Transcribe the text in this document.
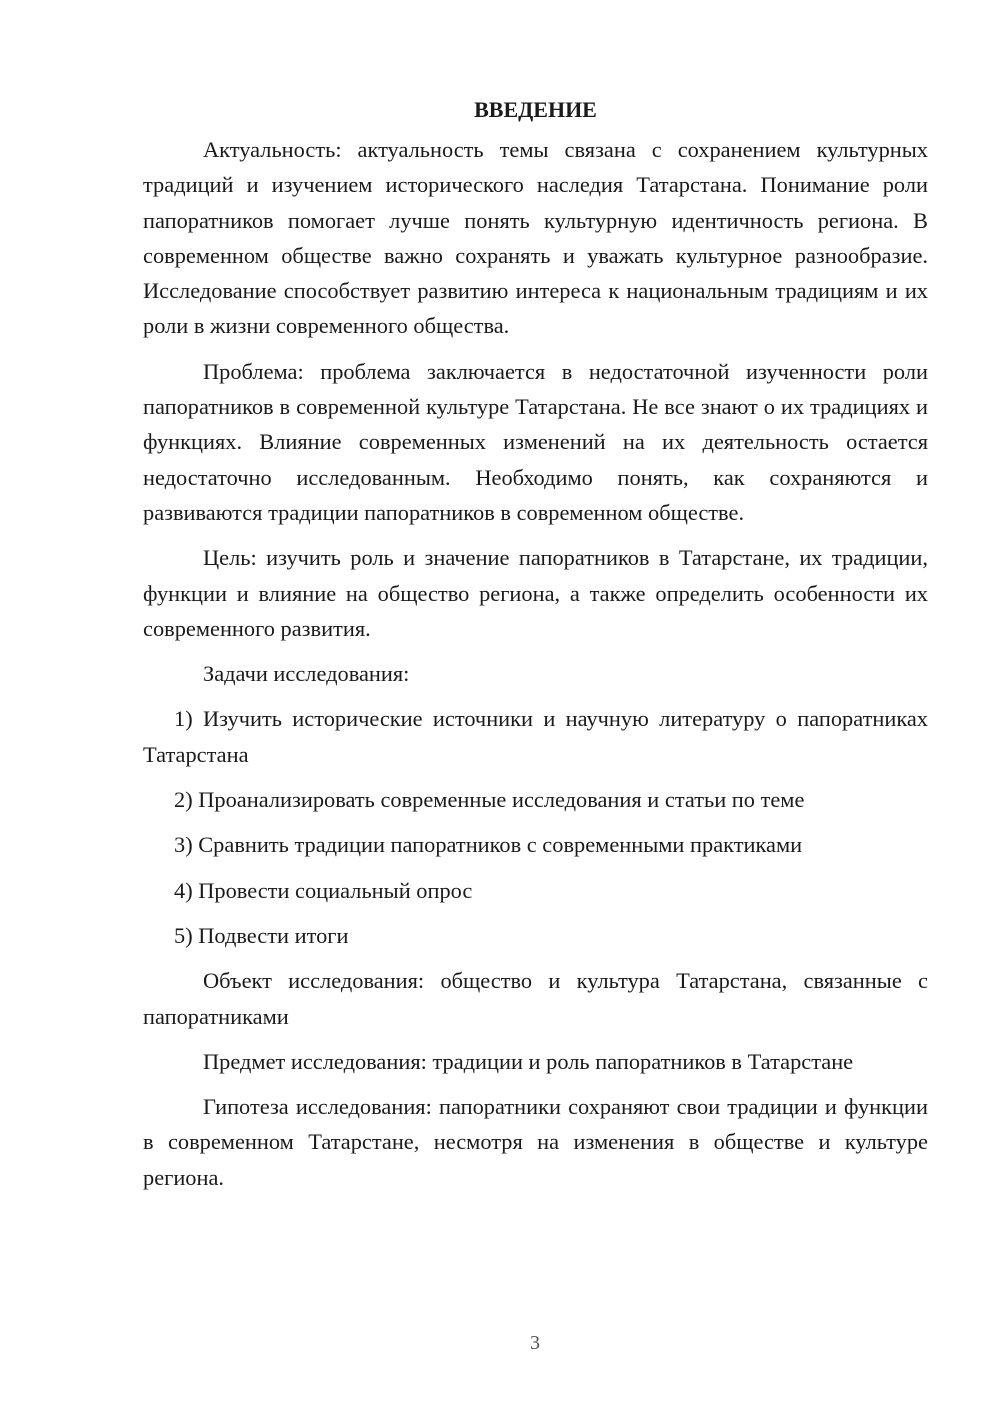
ВВЕДЕНИЕ

Актуальность: актуальность темы связана с сохранением культурных традиций и изучением исторического наследия Татарстана. Понимание роли папоратников помогает лучше понять культурную идентичность региона. В современном обществе важно сохранять и уважать культурное разнообразие. Исследование способствует развитию интереса к национальным традициям и их роли в жизни современного общества.

Проблема: проблема заключается в недостаточной изученности роли папоратников в современной культуре Татарстана. Не все знают о их традициях и функциях. Влияние современных изменений на их деятельность остается недостаточно исследованным. Необходимо понять, как сохраняются и развиваются традиции папоратников в современном обществе.

Цель: изучить роль и значение папоратников в Татарстане, их традиции, функции и влияние на общество региона, а также определить особенности их современного развития.

Задачи исследования:

1) Изучить исторические источники и научную литературу о папоратниках Татарстана

2) Проанализировать современные исследования и статьи по теме

3) Сравнить традиции папоратников с современными практиками

4) Провести социальный опрос

5) Подвести итоги

Объект исследования: общество и культура Татарстана, связанные с папоратниками

Предмет исследования: традиции и роль папоратников в Татарстане

Гипотеза исследования: папоратники сохраняют свои традиции и функции в современном Татарстане, несмотря на изменения в обществе и культуре региона.

3
